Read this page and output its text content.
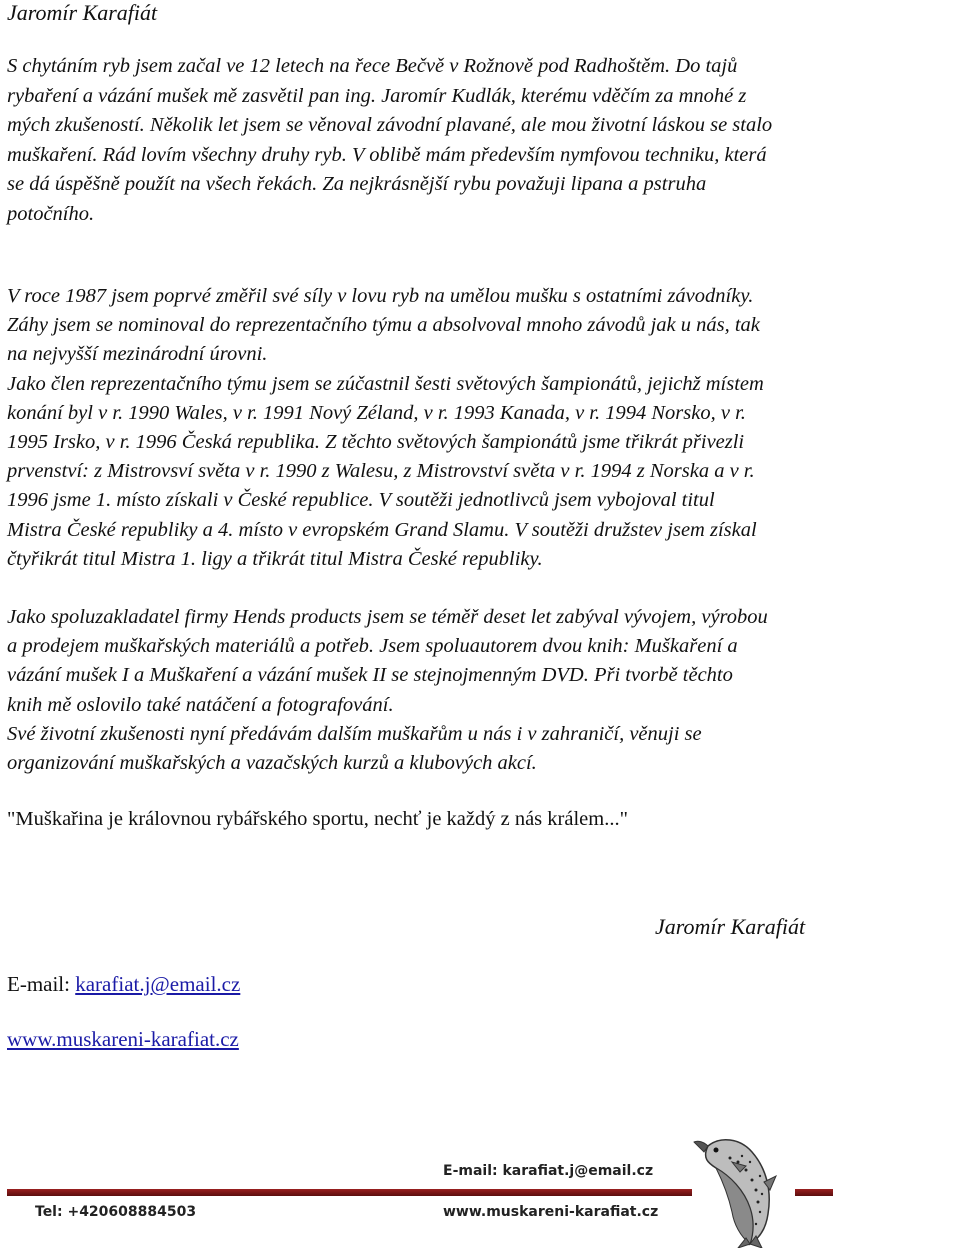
Jaromír Karafiát
S chytáním ryb jsem začal ve 12 letech na řece Bečvě v Rožnově pod Radhoštěm. Do tajů
rybaření a vázání mušek mě zasvětil pan ing. Jaromír Kudlák, kterému vděčím za mnohé z
mých zkušeností. Několik let jsem se věnoval závodní plavané, ale mou životní láskou se stalo
muškaření. Rád lovím všechny druhy ryb. V oblibě mám především nymfovou techniku, která
se dá úspěšně použít na všech řekách. Za nejkrásnější rybu považuji lipana a pstruha
potočního.
V roce 1987 jsem poprvé změřil své síly v lovu ryb na umělou mušku s ostatními závodníky.
Záhy jsem se nominoval do reprezentačního týmu a absolvoval mnoho závodů jak u nás, tak
na nejvyšší mezinárodní úrovni.
Jako člen reprezentačního týmu jsem se zúčastnil šesti světových šampionátů, jejichž místem
konání byl v r. 1990 Wales, v r. 1991 Nový Zéland, v r. 1993 Kanada, v r. 1994 Norsko, v r.
1995 Irsko, v r. 1996 Česká republika. Z těchto světových šampionátů jsme třikrát přivezli
prvenství: z Mistrovsví světa v r. 1990 z Walesu, z Mistrovství světa v r. 1994 z Norska a v r.
1996 jsme 1. místo získali v České republice. V soutěži jednotlivců jsem vybojoval titul
Mistra České republiky a 4. místo v evropském Grand Slamu. V soutěži družstev jsem získal
čtyřikrát titul Mistra 1. ligy a třikrát titul Mistra České republiky.
Jako spoluzakladatel firmy Hends products jsem se téměř deset let zabýval vývojem, výrobou
a prodejem muškařských materiálů a potřeb. Jsem spoluautorem dvou knih: Muškaření a
vázání mušek I a Muškaření a vázání mušek II se stejnojmenným DVD. Při tvorbě těchto
knih mě oslovilo také natáčení a fotografování.
Své životní zkušenosti nyní předávám dalším muškařům u nás i v zahraničí, věnuji se
organizování muškařských a vazačských kurzů a klubových akcí.
"Muškařina je královnou rybářského sportu, nechť je každý z nás králem..."
Jaromír Karafiát
E-mail: karafiat.j@email.cz
www.muskareni-karafiat.cz
E-mail: karafiat.j@email.cz
Tel: +420608884503	www.muskareni-karafiat.cz
